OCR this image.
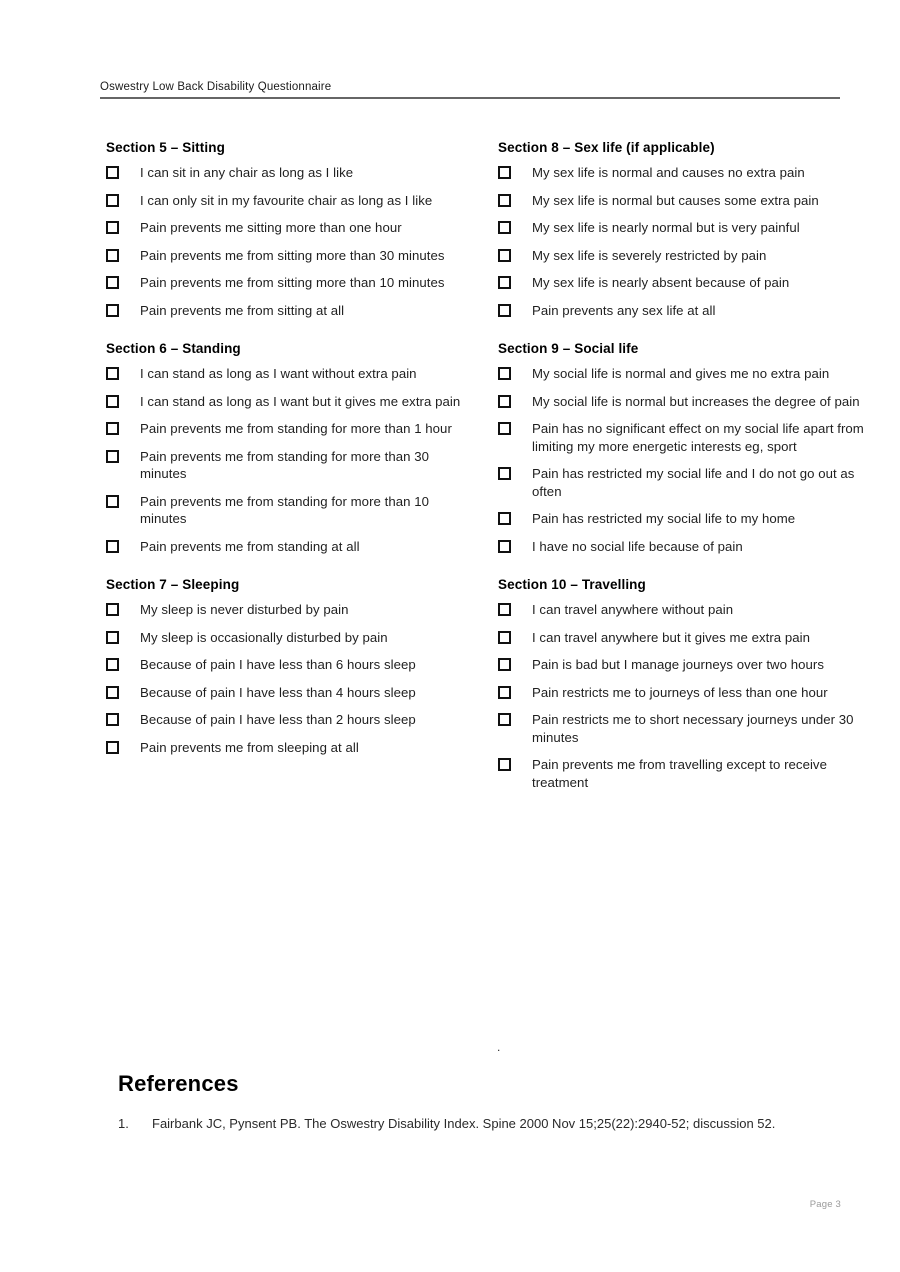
Oswestry Low Back Disability Questionnaire
Section 5 – Sitting
I can sit in any chair as long as I like
I can only sit in my favourite chair as long as I like
Pain prevents me sitting more than one hour
Pain prevents me from sitting more than 30 minutes
Pain prevents me from sitting more than 10 minutes
Pain prevents me from sitting at all
Section 6 – Standing
I can stand as long as I want without extra pain
I can stand as long as I want but it gives me extra pain
Pain prevents me from standing for more than 1 hour
Pain prevents me from standing for more than 30 minutes
Pain prevents me from standing for more than 10 minutes
Pain prevents me from standing at all
Section 7 – Sleeping
My sleep is never disturbed by pain
My sleep is occasionally disturbed by pain
Because of pain I have less than 6 hours sleep
Because of pain I have less than 4 hours sleep
Because of pain I have less than 2 hours sleep
Pain prevents me from sleeping at all
Section 8 – Sex life (if applicable)
My sex life is normal and causes no extra pain
My sex life is normal but causes some extra pain
My sex life is nearly normal but is very painful
My sex life is severely restricted by pain
My sex life is nearly absent because of pain
Pain prevents any sex life at all
Section 9 – Social life
My social life is normal and gives me no extra pain
My social life is normal but increases the degree of pain
Pain has no significant effect on my social life apart from limiting my more energetic interests eg, sport
Pain has restricted my social life and I do not go out as often
Pain has restricted my social life to my home
I have no social life because of pain
Section 10 – Travelling
I can travel anywhere without pain
I can travel anywhere but it gives me extra pain
Pain is bad but I manage journeys over two hours
Pain restricts me to journeys of less than one hour
Pain restricts me to short necessary journeys under 30 minutes
Pain prevents me from travelling except to receive treatment
.
References
1.	Fairbank JC, Pynsent PB. The Oswestry Disability Index. Spine 2000 Nov 15;25(22):2940-52; discussion 52.
Page 3
